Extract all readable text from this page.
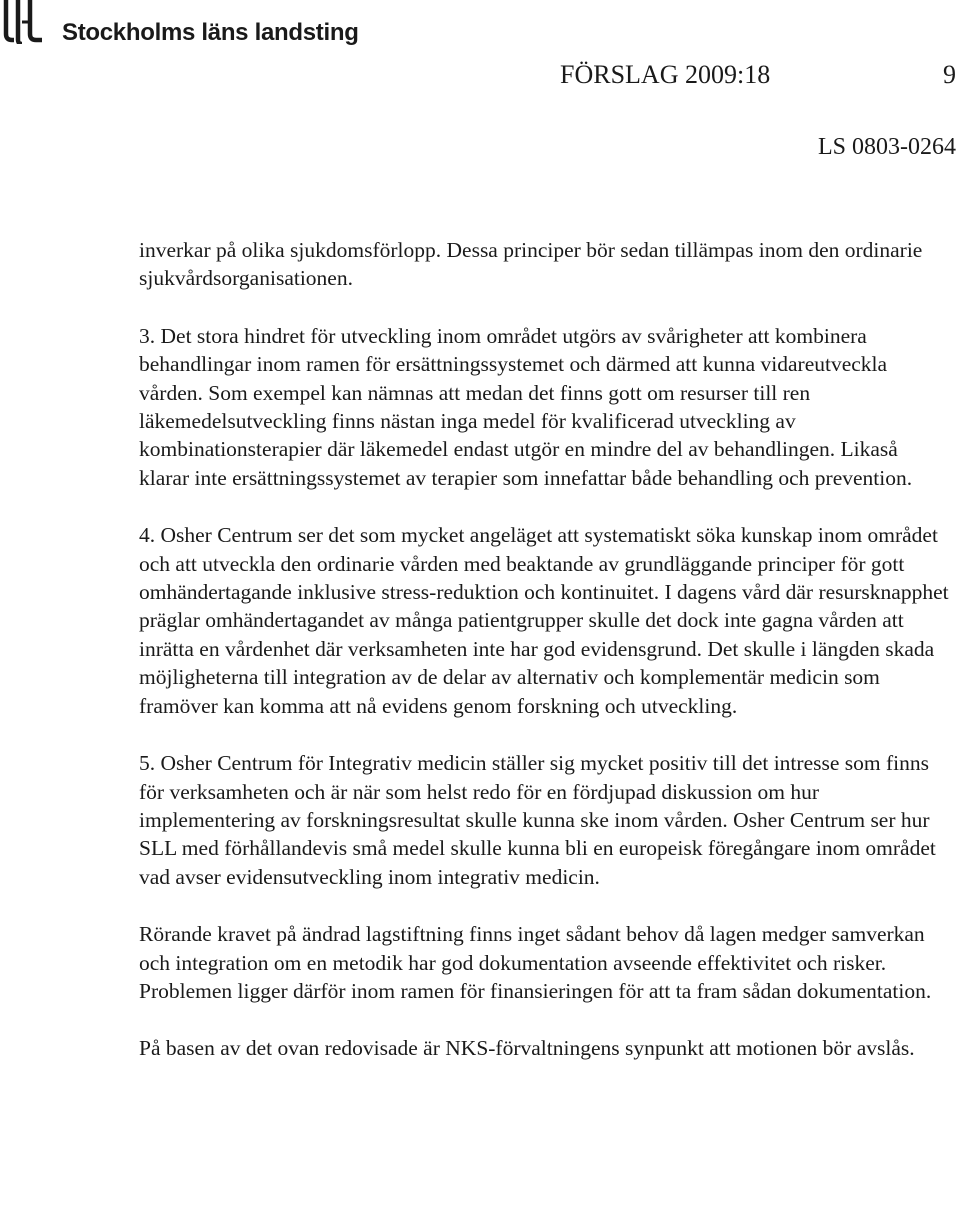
Stockholms läns landsting
FÖRSLAG 2009:18	9
LS 0803-0264

inverkar på olika sjukdomsförlopp. Dessa principer bör sedan tillämpas inom den ordinarie sjukvårdsorganisationen.

3. Det stora hindret för utveckling inom området utgörs av svårigheter att kombinera behandlingar inom ramen för ersättningssystemet och därmed att kunna vidareutveckla vården. Som exempel kan nämnas att medan det finns gott om resurser till ren läkemedelsutveckling finns nästan inga medel för kvalificerad utveckling av kombinationsterapier där läkemedel endast utgör en mindre del av behandlingen. Likaså klarar inte ersättningssystemet av terapier som innefattar både behandling och prevention.

4. Osher Centrum ser det som mycket angeläget att systematiskt söka kunskap inom området och att utveckla den ordinarie vården med beaktande av grundläggande principer för gott omhändertagande inklusive stress-reduktion och kontinuitet. I dagens vård där resursknapphet präglar omhändertagandet av många patientgrupper skulle det dock inte gagna vården att inrätta en vårdenhet där verksamheten inte har god evidensgrund. Det skulle i längden skada möjligheterna till integration av de delar av alternativ och komplementär medicin som framöver kan komma att nå evidens genom forskning och utveckling.

5. Osher Centrum för Integrativ medicin ställer sig mycket positiv till det intresse som finns för verksamheten och är när som helst redo för en fördjupad diskussion om hur implementering av forskningsresultat skulle kunna ske inom vården. Osher Centrum ser hur SLL med förhållandevis små medel skulle kunna bli en europeisk föregångare inom området vad avser evidensutveckling inom integrativ medicin.

Rörande kravet på ändrad lagstiftning finns inget sådant behov då lagen medger samverkan och integration om en metodik har god dokumentation avseende effektivitet och risker. Problemen ligger därför inom ramen för finansieringen för att ta fram sådan dokumentation.

På basen av det ovan redovisade är NKS-förvaltningens synpunkt att motionen bör avslås.
